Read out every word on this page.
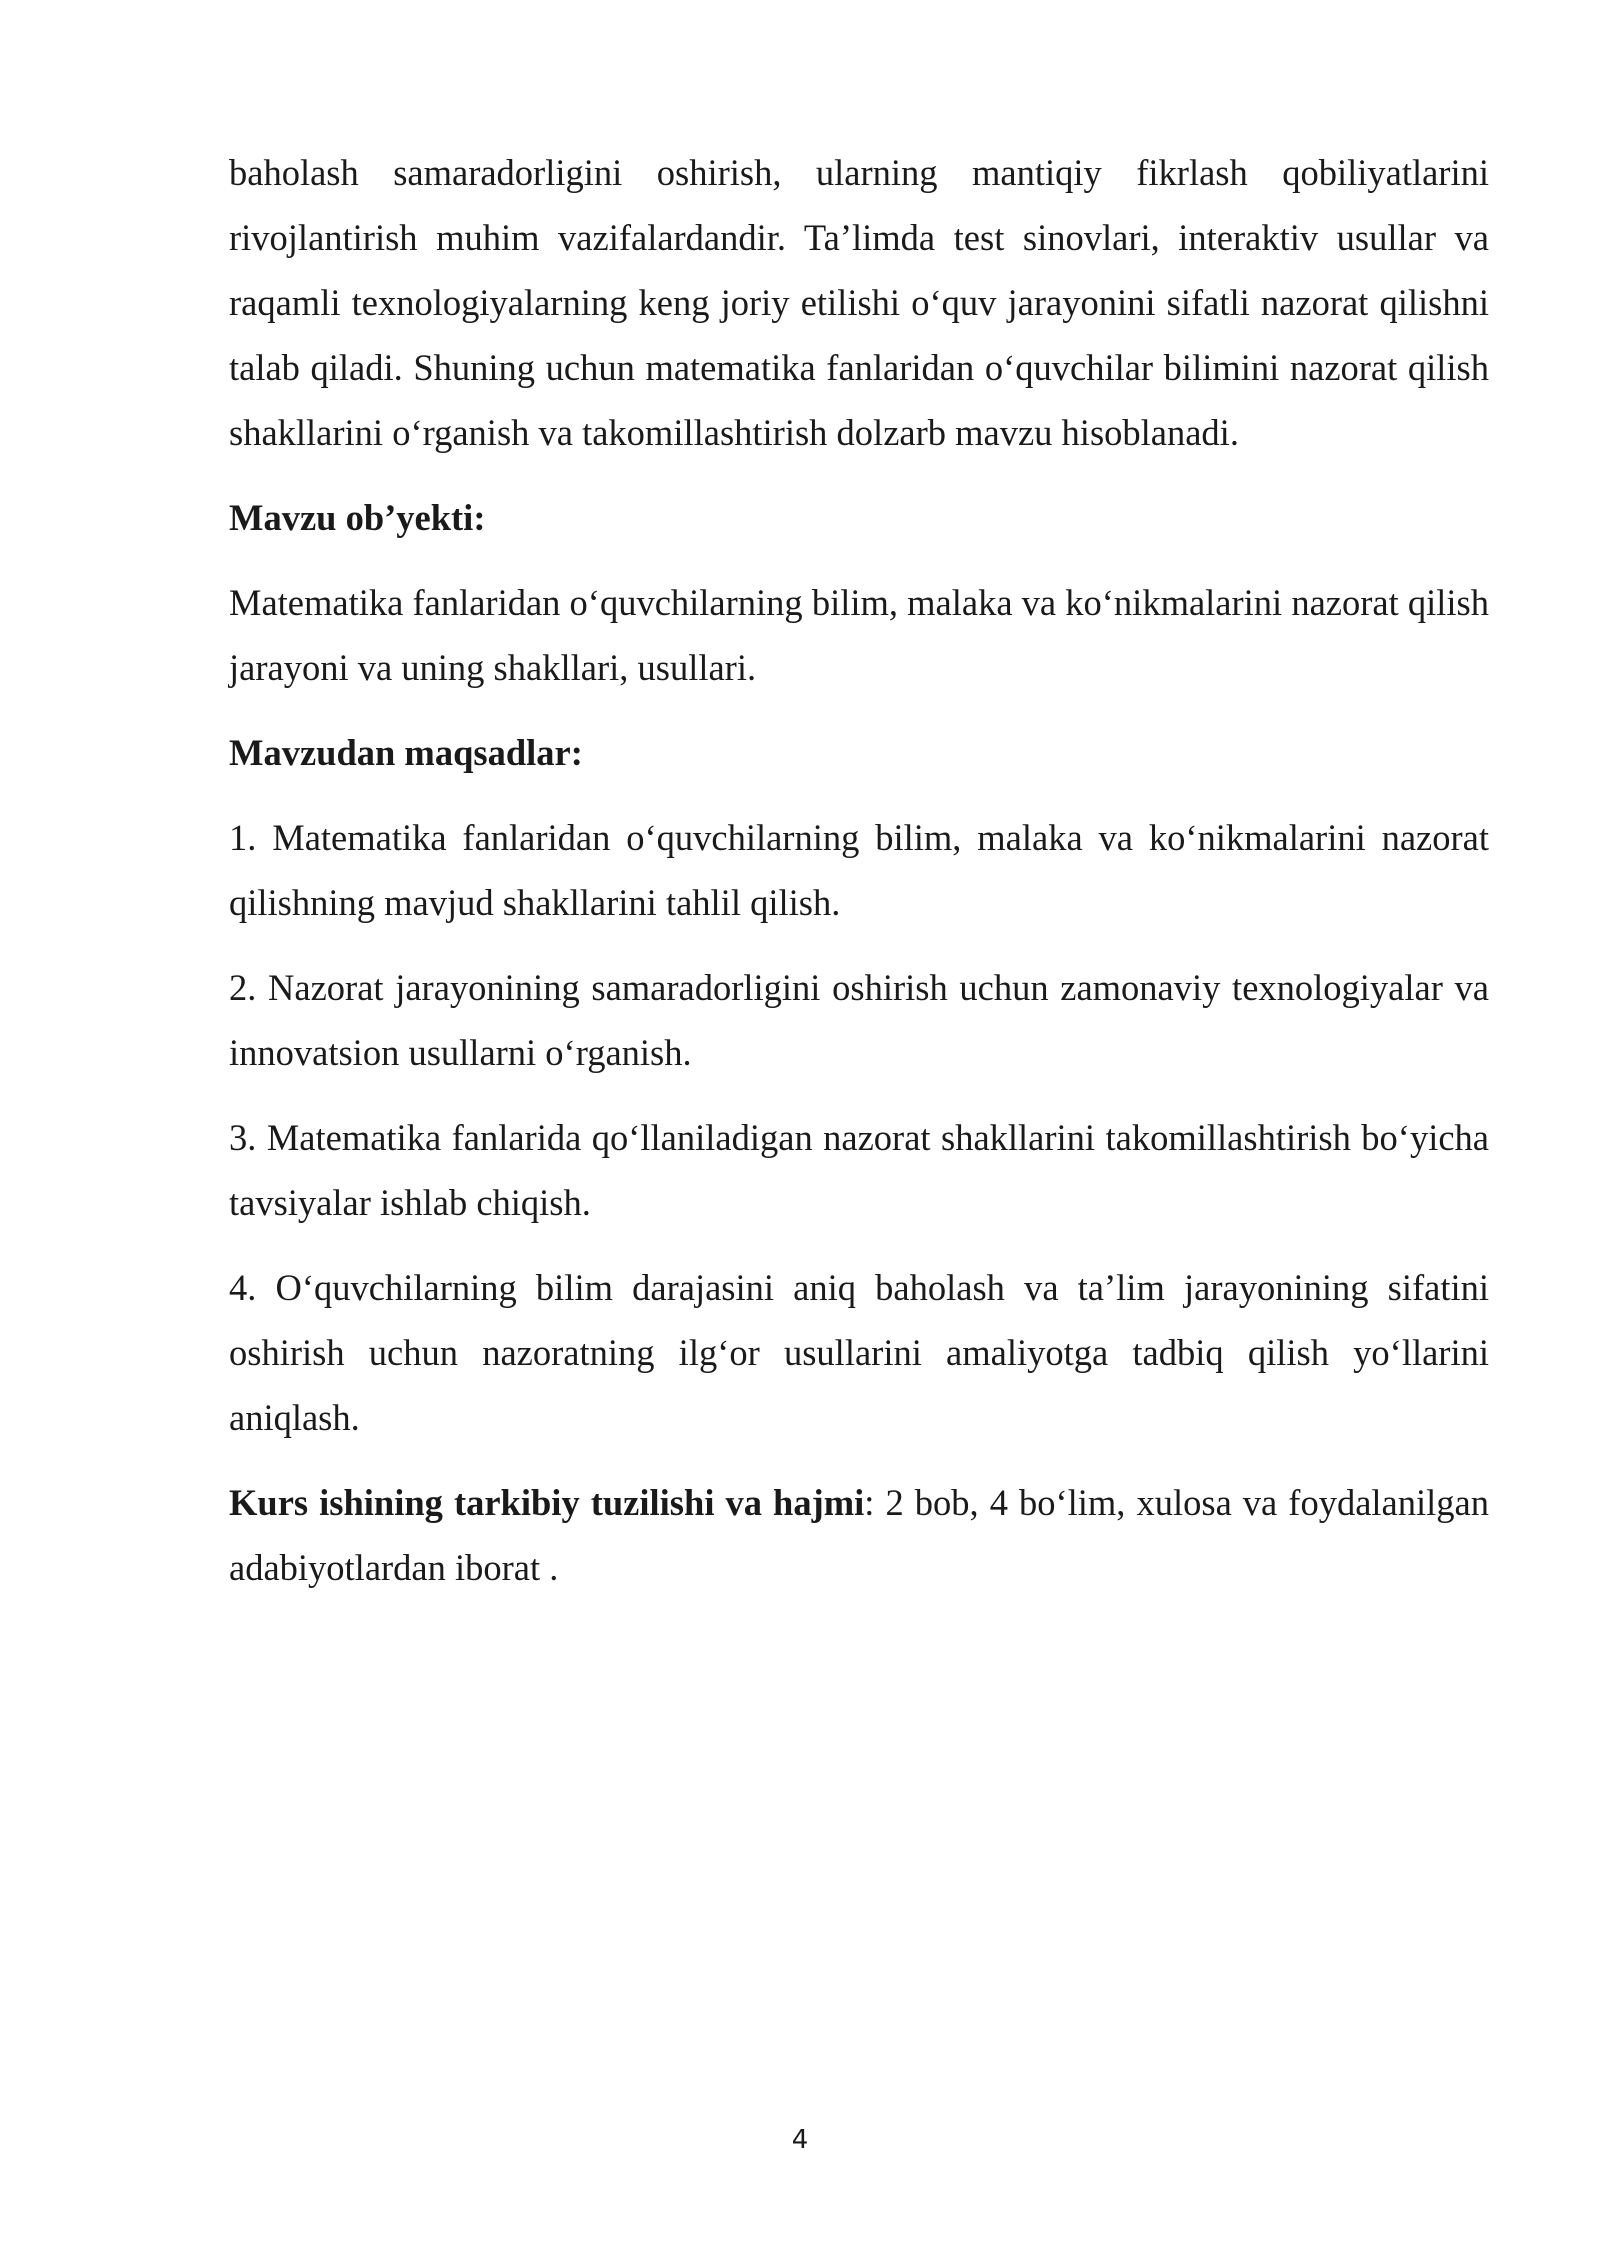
baholash samaradorligini oshirish, ularning mantiqiy fikrlash qobiliyatlarini rivojlantirish muhim vazifalardandir. Ta’limda test sinovlari, interaktiv usullar va raqamli texnologiyalarning keng joriy etilishi o‘quv jarayonini sifatli nazorat qilishni talab qiladi. Shuning uchun matematika fanlaridan o‘quvchilar bilimini nazorat qilish shakllarini o‘rganish va takomillashtirish dolzarb mavzu hisoblanadi.

Mavzu ob’yekti:

Matematika fanlaridan o‘quvchilarning bilim, malaka va ko‘nikmalarini nazorat qilish jarayoni va uning shakllari, usullari.

Mavzudan maqsadlar:

1. Matematika fanlaridan o‘quvchilarning bilim, malaka va ko‘nikmalarini nazorat qilishning mavjud shakllarini tahlil qilish.

2. Nazorat jarayonining samaradorligini oshirish uchun zamonaviy texnologiyalar va innovatsion usullarni o‘rganish.

3. Matematika fanlarida qo‘llaniladigan nazorat shakllarini takomillashtirish bo‘yicha tavsiyalar ishlab chiqish.

4. O‘quvchilarning bilim darajasini aniq baholash va ta’lim jarayonining sifatini oshirish uchun nazoratning ilg‘or usullarini amaliyotga tadbiq qilish yo‘llarini aniqlash.

Kurs ishining tarkibiy tuzilishi va hajmi: 2 bob, 4 bo‘lim, xulosa va foydalanilgan adabiyotlardan iborat .

4
